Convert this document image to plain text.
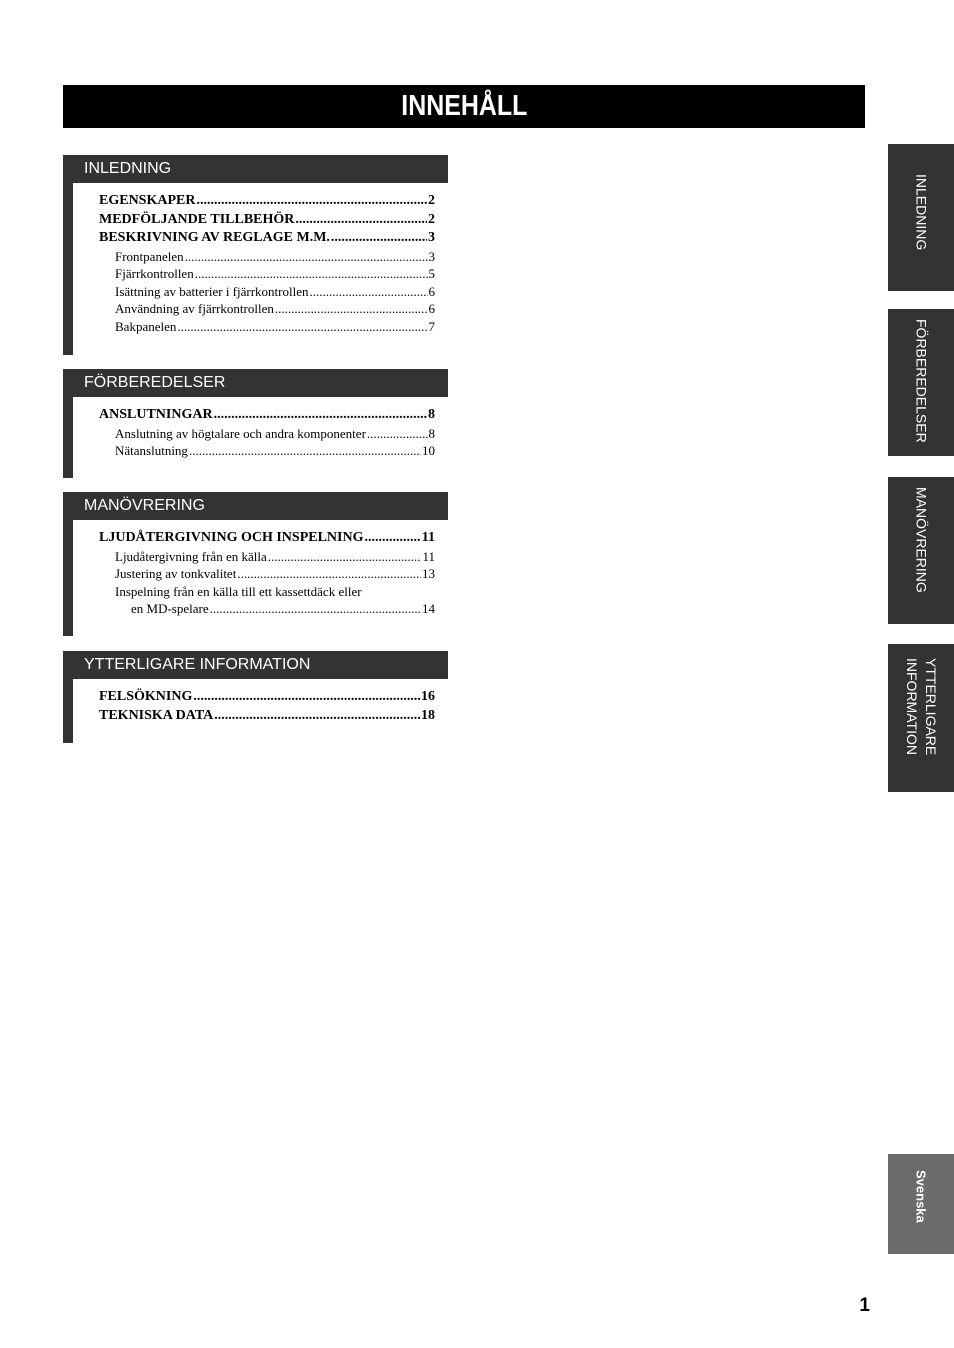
INNEHÅLL
INLEDNING
EGENSKAPER .....	2
MEDFÖLJANDE TILLBEHÖR .....	2
BESKRIVNING AV REGLAGE M.M. .....	3
Frontpanelen .....	3
Fjärrkontrollen .....	5
Isättning av batterier i fjärrkontrollen .....	6
Användning av fjärrkontrollen .....	6
Bakpanelen .....	7
FÖRBEREDELSER
ANSLUTNINGAR .....	8
Anslutning av högtalare och andra komponenter .....	8
Nätanslutning .....	10
MANÖVRERING
LJUDÅTERGIVNING OCH INSPELNING .....	11
Ljudåtergivning från en källa .....	11
Justering av tonkvalitet .....	13
Inspelning från en källa till ett kassettdäck eller
en MD-spelare .....	14
YTTERLIGARE INFORMATION
FELSÖKNING .....	16
TEKNISKA DATA .....	18
INLEDNING
FÖRBEREDELSER
MANÖVRERING
YTTERLIGARE
INFORMATION
Svenska
1
